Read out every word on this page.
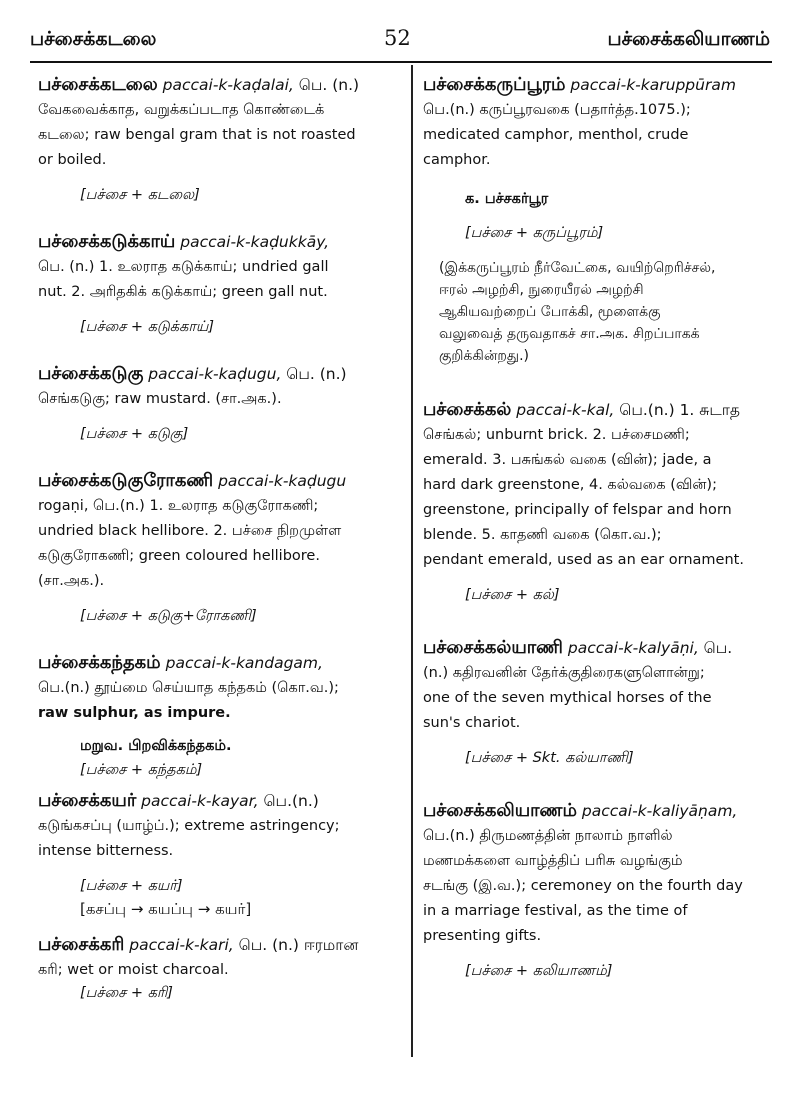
பச்சைக்கடலை	52	பச்சைக்கலியாணம்
பச்சைக்கடலை paccai-k-kaḍalai, பெ. (n.)
வேகவைக்காத, வறுக்கப்படாத கொண்டைக்
கடலை; raw bengal gram that is not roasted
or boiled.
[பச்சை + கடலை]
பச்சைக்கடுக்காய் paccai-k-kaḍukkāy,
பெ. (n.) 1. உலராத கடுக்காய்; undried gall
nut. 2. அரிதகிக் கடுக்காய்; green gall nut.
[பச்சை + கடுக்காய்]
பச்சைக்கடுகு paccai-k-kaḍugu, பெ. (n.)
செங்கடுகு; raw mustard. (சா.அக.).
[பச்சை + கடுகு]
பச்சைக்கடுகுரோகணி paccai-k-kaḍugu
rogaṇi, பெ.(n.) 1. உலராத கடுகுரோகணி;
undried black hellibore. 2. பச்சை நிறமுள்ள
கடுகுரோகணி; green coloured hellibore.
(சா.அக.).
[பச்சை + கடுகு+ரோகணி]
பச்சைக்கந்தகம் paccai-k-kandagam,
பெ.(n.) தூய்மை செய்யாத கந்தகம் (கொ.வ.);
raw sulphur, as impure.
மறுவ. பிறவிக்கந்தகம்.
[பச்சை + கந்தகம்]
பச்சைக்கயர் paccai-k-kayar, பெ.(n.)
கடுங்கசப்பு (யாழ்ப்.); extreme astringency;
intense bitterness.
[பச்சை + கயர்]
[கசப்பு → கயப்பு → கயர்]
பச்சைக்கரி paccai-k-kari, பெ. (n.) ஈரமான
கரி; wet or moist charcoal.
[பச்சை + கரி]
பச்சைக்கருப்பூரம் paccai-k-karuppūram
பெ.(n.) கருப்பூரவகை (பதார்த்த.1075.);
medicated camphor, menthol, crude
camphor.
க. பச்சகர்பூர
[பச்சை + கருப்பூரம்]
(இக்கருப்பூரம் நீர்வேட்கை, வயிற்றெரிச்சல்,
ஈரல் அழற்சி, நுரையீரல் அழற்சி
ஆகியவற்றைப் போக்கி, மூளைக்கு
வலுவைத் தருவதாகச் சா.அக. சிறப்பாகக்
குறிக்கின்றது.)
பச்சைக்கல் paccai-k-kal, பெ.(n.) 1. சுடாத
செங்கல்; unburnt brick. 2. பச்சைமணி;
emerald. 3. பசுங்கல் வகை (வின்); jade, a
hard dark greenstone, 4. கல்வகை (வின்);
greenstone, principally of felspar and horn
blende. 5. காதணி வகை (கொ.வ.);
pendant emerald, used as an ear ornament.
[பச்சை + கல்]
பச்சைக்கல்யாணி paccai-k-kalyāṇi, பெ.
(n.) கதிரவனின் தேர்க்குதிரைகளுளொன்று;
one of the seven mythical horses of the
sun's chariot.
[பச்சை + Skt. கல்யாணி]
பச்சைக்கலியாணம் paccai-k-kaliyāṇam,
பெ.(n.) திருமணத்தின் நாலாம் நாளில்
மணமக்களை வாழ்த்திப் பரிசு வழங்கும்
சடங்கு (இ.வ.); ceremoney on the fourth day
in a marriage festival, as the time of
presenting gifts.
[பச்சை + கலியாணம்]
